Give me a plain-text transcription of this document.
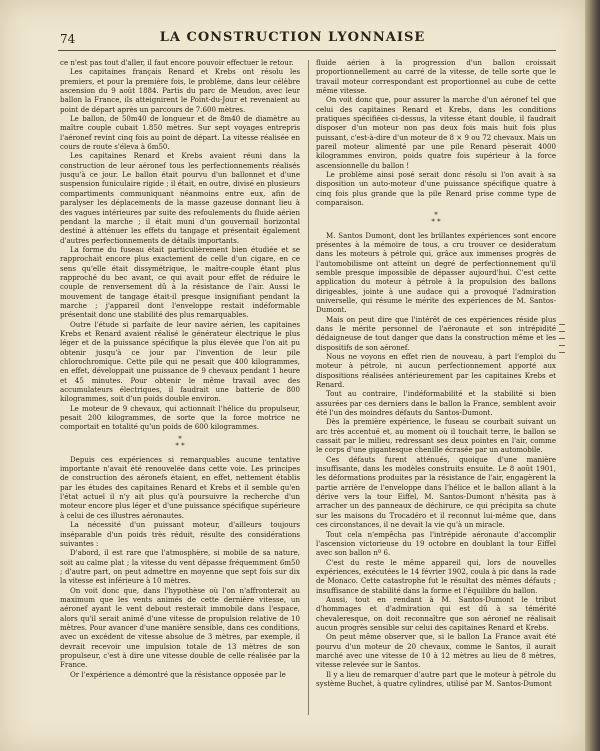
74	LA CONSTRUCTION LYONNAISE

ce n'est pas tout d'aller, il faut encore pouvoir effectuer le retour.

Les capitaines français Renard et Krebs ont résolu les premiers, et pour la première fois, le problème, dans leur célèbre ascension du 9 août 1884. Partis du parc de Meudon, avec leur ballon la France, ils atteignirent le Point-du-Jour et revenaient au point de départ après un parcours de 7.600 mètres.

Le ballon, de 50m40 de longueur et de 8m40 de diamètre au maître couple cubait 1.850 mètres. Sur sept voyages entrepris l'aéronef revint cinq fois au point de départ. La vitesse réalisée en cours de route s'éleva à 6m50.

Les capitaines Renard et Krebs avaient réuni dans la construction de leur aéronef tous les perfectionnements réalisés jusqu'à ce jour. Le ballon était pourvu d'un ballonnet et d'une suspension funiculaire rigide ; il était, en outre, divisé en plusieurs compartiments communiquant néanmoins entre eux, afin de paralyser les déplacements de la masse gazeuse donnant lieu à des vagues intérieures par suite des refoulements du fluide aérien pendant la marche ; il était muni d'un gouvernail horizontal destiné à atténuer les effets du tangage et présentait également d'autres perfectionnements de détails importants.

La forme du fuseau était particulièrement bien étudiée et se rapprochait encore plus exactement de celle d'un cigare, en ce sens qu'elle était dissymétrique, le maître-couple étant plus rapproché du bec avant, ce qui avait pour effet de réduire le couple de renversement dû à la résistance de l'air. Aussi le mouvement de tangage était-il presque insignifiant pendant la marche ; j'appareil dont l'enveloppe restait indéformable présentait donc une stabilité des plus remarquables.

Outre l'étude si parfaite de leur navire aérien, les capitaines Krebs et Renard avaient réalisé le générateur électrique le plus léger et de la puissance spécifique la plus élevée que l'on ait pu obtenir jusqu'à ce jour par l'invention de leur pile chlorochromique. Cette pile qui ne pesait que 400 kilogrammes, en effet, développait une puissance de 9 chevaux pendant 1 heure et 45 minutes. Pour obtenir le même travail avec des accumulateurs électriques, il faudrait une batterie de 800 kilogrammes, soit d'un poids double environ.

Le moteur de 9 chevaux, qui actionnait l'hélice du propulseur, pesait 200 kilogrammes, de sorte que la force motrice ne comportait en totalité qu'un poids de 600 kilogrammes.

*
* *

Depuis ces expériences si remarquables aucune tentative importante n'avait été renouvelée dans cette voie. Les principes de construction des aéronefs étaient, en effet, nettement établis par les études des capitaines Renard et Krebs et il semble qu'en l'état actuel il n'y ait plus qu'à poursuivre la recherche d'un moteur encore plus léger et d'une puissance spécifique supérieure à celui de ces illustres aéronautes.

La nécessité d'un puissant moteur, d'ailleurs toujours inséparable d'un poids très réduit, résulte des considérations suivantes :

D'abord, il est rare que l'atmosphère, si mobile de sa nature, soit au calme plat ; la vitesse du vent dépasse fréquemment 6m50 ; d'autre part, on peut admettre en moyenne que sept fois sur dix la vitesse est inférieure à 10 mètres.

On voit donc que, dans l'hypothèse où l'on n'affronterait au maximum que les vents animés de cette dernière vitesse, un aéronef ayant le vent debout resterait immobile dans l'espace, alors qu'il serait animé d'une vitesse de propulsion relative de 10 mètres. Pour avancer d'une manière sensible, dans ces conditions, avec un excédent de vitesse absolue de 3 mètres, par exemple, il devrait recevoir une impulsion totale de 13 mètres de son propulseur, c'est à dire une vitesse double de celle réalisée par la France.

Or l'expérience a démontré que la résistance opposée par le

fluide aérien à la progression d'un ballon croissait proportionnellement au carré de la vitesse, de telle sorte que le travail moteur correspondant est proportionnel au cube de cette même vitesse.

On voit donc que, pour assurer la marche d'un aéronef tel que celui des capitaines Renard et Krebs, dans les conditions pratiques spécifiées ci-dessus, la vitesse étant double, il faudrait disposer d'un moteur non pas deux fois mais huit fois plus puissant, c'est-à-dire d'un moteur de 8 × 9 ou 72 chevaux. Mais un pareil moteur alimenté par une pile Renard pèserait 4000 kilogrammes environ, poids quatre fois supérieur à la force ascensionnelle du ballon !

Le problème ainsi posé serait donc résolu si l'on avait à sa disposition un auto-moteur d'une puissance spécifique quatre à cinq fois plus grande que la pile Renard prise comme type de comparaison.

*
* *

M. Santos Dumont, dont les brillantes expériences sont encore présentes à la mémoire de tous, a cru trouver ce desideratum dans les moteurs à pétrole qui, grâce aux immenses progrès de l'automobilisme ont atteint un degré de perfectionnement qu'il semble presque impossible de dépasser aujourd'hui. C'est cette application du moteur à pétrole à la propulsion des ballons dirigeables, jointe à une audace qui a provoqué l'admiration universelle, qui résume le mérite des expériences de M. Santos-Dumont.

Mais on peut dire que l'intérêt de ces expériences réside plus dans le mérite personnel de l'aéronaute et son intrépidité dédaigneuse de tout danger que dans la construction même et les dispositifs de son aéronef.

Nous ne voyons en effet rien de nouveau, à part l'emploi du moteur à pétrole, ni aucun perfectionnement apporté aux dispositions réalisées antérieurement par les capitaines Krebs et Renard.

Tout au contraire, l'indéformabilité et la stabilité si bien assurées par ces derniers dans le ballon la France, semblent avoir été l'un des moindres défauts du Santos-Dumont.

Dès la première expérience, le fuseau se courbait suivant un arc très accentué et, au moment où il touchait terre, le ballon se cassait par le milieu, redressant ses deux pointes en l'air, comme le corps d'une gigantesque chenille écrasée par un automobile.

Ces défauts furent atténués, quoique d'une manière insuffisante, dans les modèles construits ensuite. Le 8 août 1901, les déformations produites par la résistance de l'air, engagèrent la partie arrière de l'enveloppe dans l'hélice et le ballon allant à la dérive vers la tour Eiffel, M. Santos-Dumont n'hésita pas à arracher un des panneaux de déchirure, ce qui précipita sa chute sur les maisons du Trocadéro et il reconnut lui-même que, dans ces circonstances, il ne devait la vie qu'à un miracle.

Tout cela n'empêcha pas l'intrépide aéronaute d'accomplir l'ascension victorieuse du 19 octobre en doublant la tour Eiffel avec son ballon nº 6.

C'est du reste le même appareil qui, lors de nouvelles expériences, exécutées le 14 février 1902, coula à pic dans la rade de Monaco. Cette catastrophe fut le résultat des mêmes défauts ; insuffisance de stabilité dans la forme et l'équilibre du ballon.

Aussi, tout en rendant à M. Santos-Dumont le tribut d'hommages et d'admiration qui est dû à sa témérité chevaleresque, on doit reconnaître que son aéronef ne réalisait aucun progrès sensible sur celui des capitaines Renard et Krebs.

On peut même observer que, si le ballon La France avait été pourvu d'un moteur de 20 chevaux, comme le Santos, il aurait marché avec une vitesse de 10 à 12 mètres au lieu de 8 mètres, vitesse relevée sur le Santos.

Il y a lieu de remarquer d'autre part que le moteur à pétrole du système Buchet, à quatre cylindres, utilisé par M. Santos-Dumont
